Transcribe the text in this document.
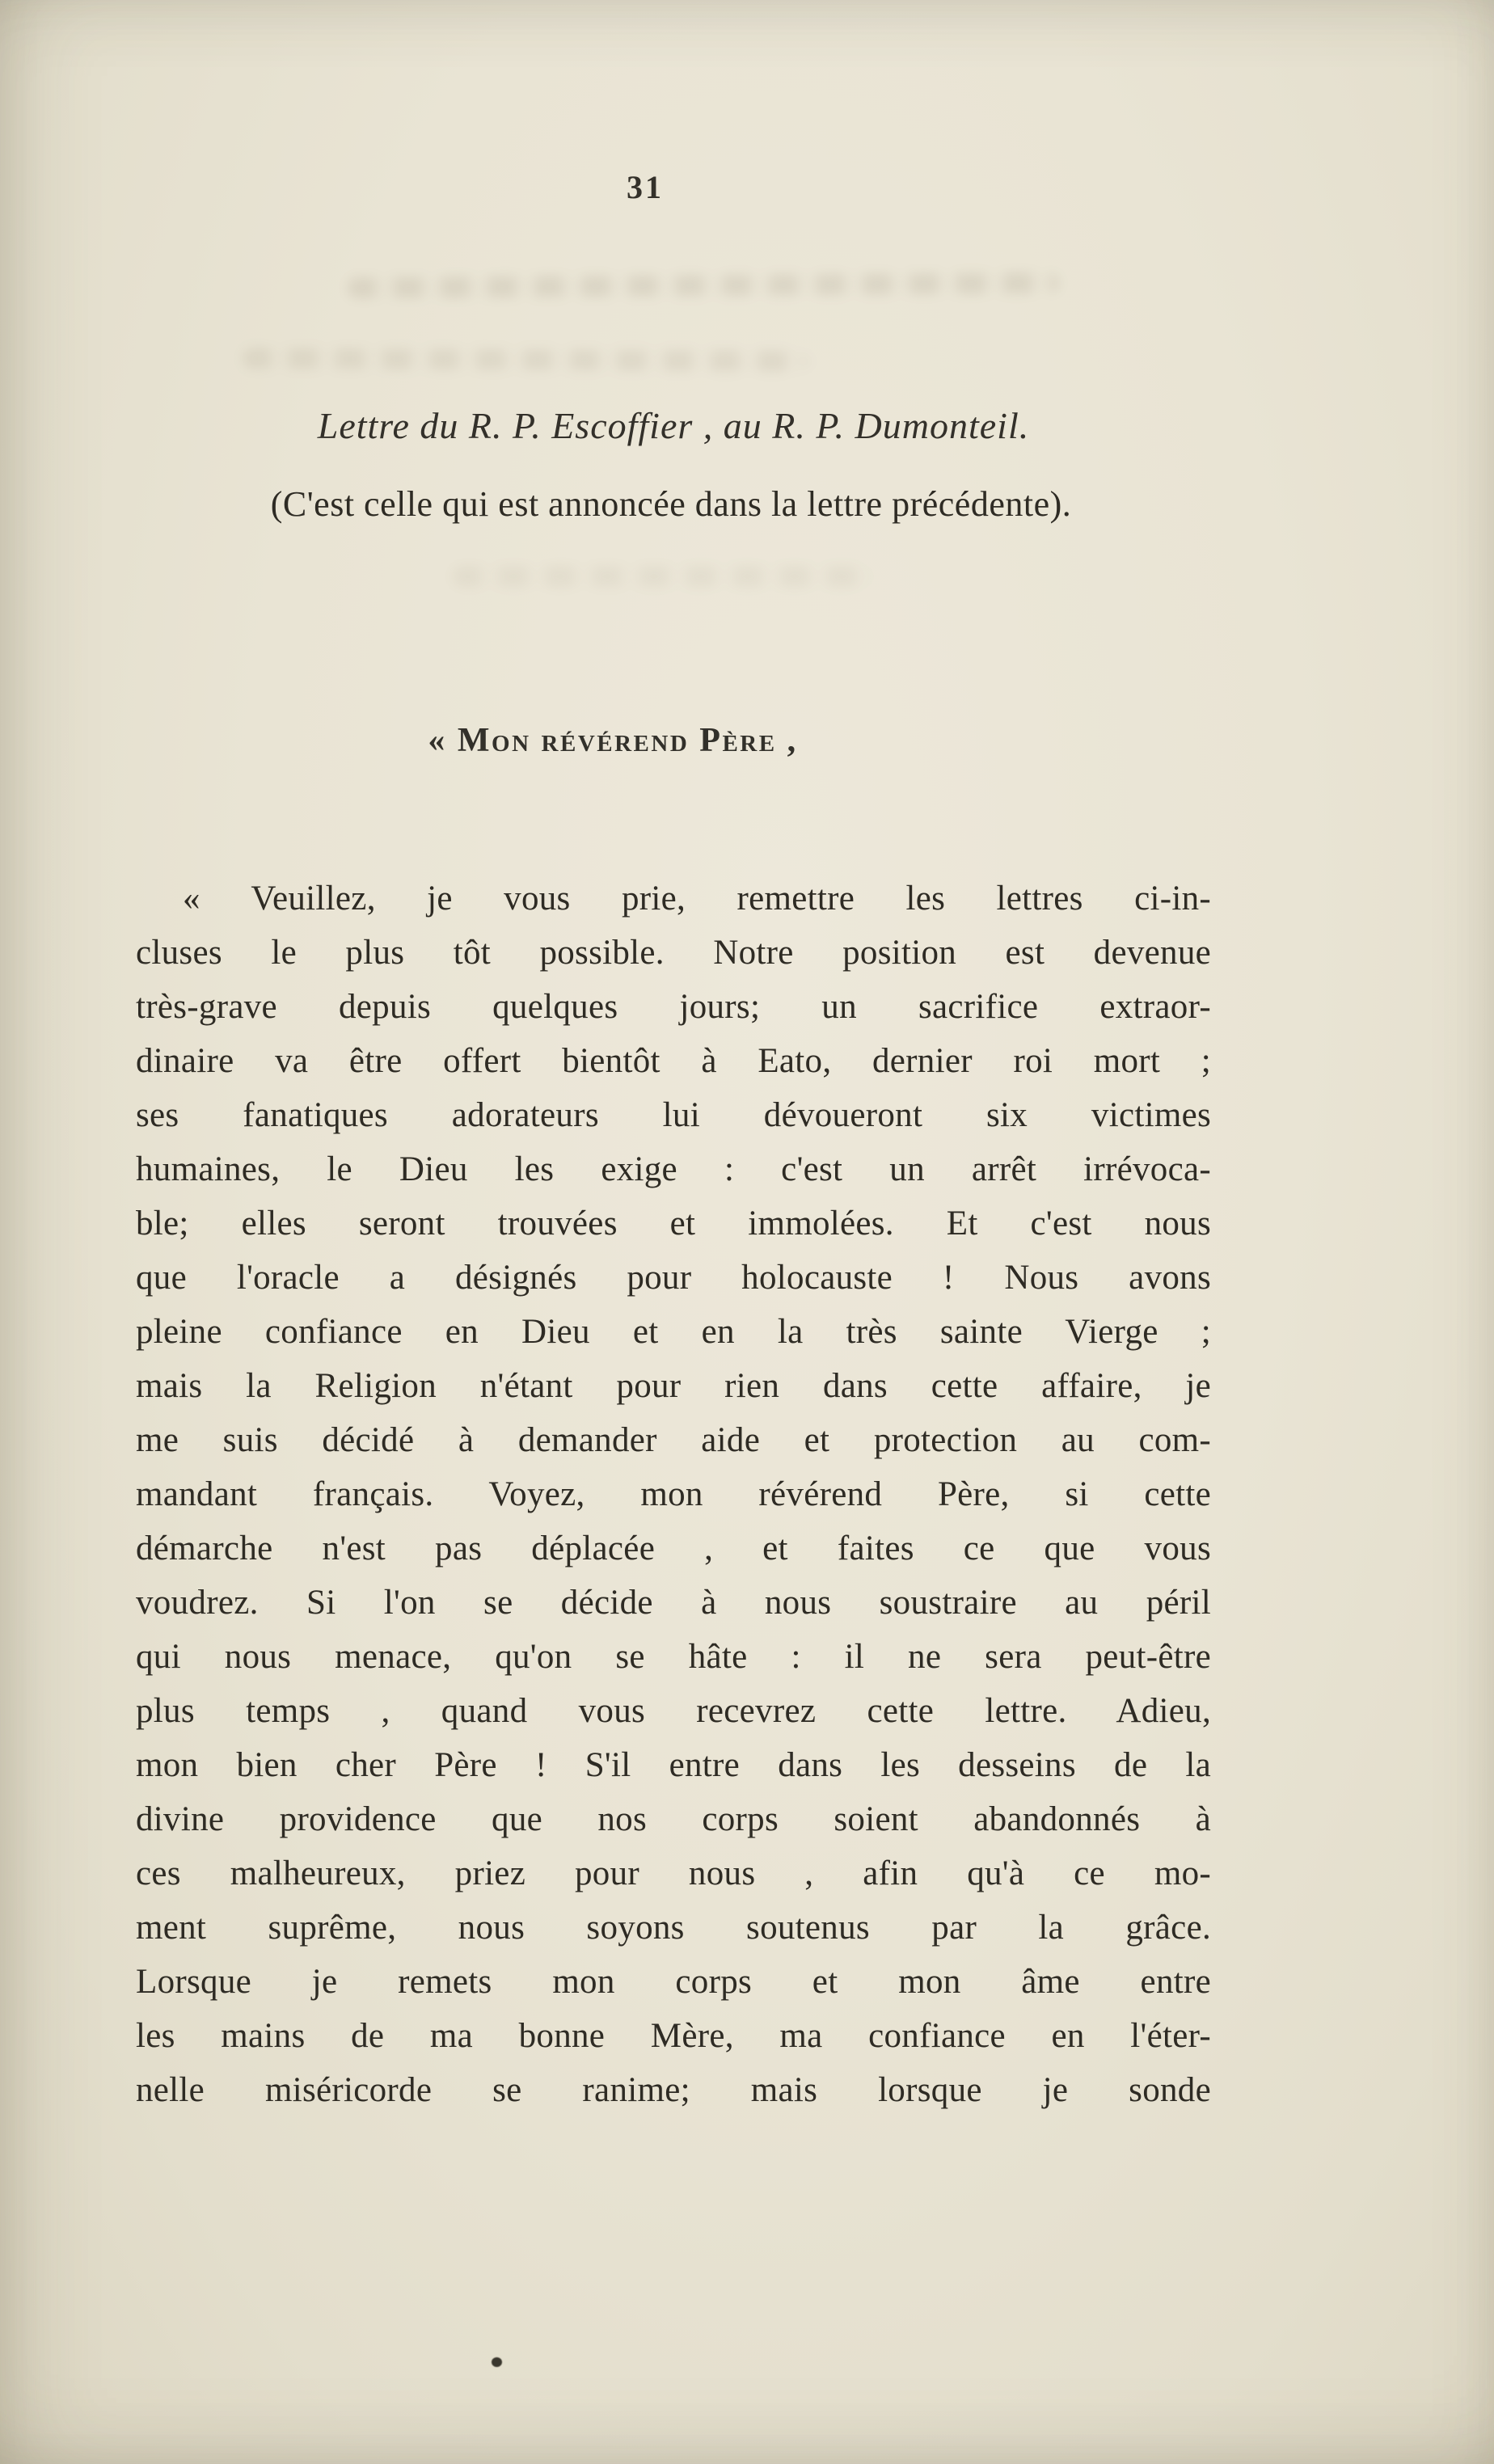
31
Lettre du R. P. Escoffier , au R. P. Dumonteil.
(C'est celle qui est annoncée dans la lettre précédente).
« Mon révérend Père ,
« Veuillez, je vous prie, remettre les lettres ci-in-
cluses le plus tôt possible. Notre position est devenue
très-grave depuis quelques jours; un sacrifice extraor-
dinaire va être offert bientôt à Eato, dernier roi mort ;
ses fanatiques adorateurs lui dévoueront six victimes
humaines, le Dieu les exige : c'est un arrêt irrévoca-
ble; elles seront trouvées et immolées. Et c'est nous
que l'oracle a désignés pour holocauste ! Nous avons
pleine confiance en Dieu et en la très sainte Vierge ;
mais la Religion n'étant pour rien dans cette affaire, je
me suis décidé à demander aide et protection au com-
mandant français. Voyez, mon révérend Père, si cette
démarche n'est pas déplacée , et faites ce que vous
voudrez. Si l'on se décide à nous soustraire au péril
qui nous menace, qu'on se hâte : il ne sera peut-être
plus temps , quand vous recevrez cette lettre. Adieu,
mon bien cher Père ! S'il entre dans les desseins de la
divine providence que nos corps soient abandonnés à
ces malheureux, priez pour nous , afin qu'à ce mo-
ment suprême, nous soyons soutenus par la grâce.
Lorsque je remets mon corps et mon âme entre
les mains de ma bonne Mère, ma confiance en l'éter-
nelle miséricorde se ranime; mais lorsque je sonde
